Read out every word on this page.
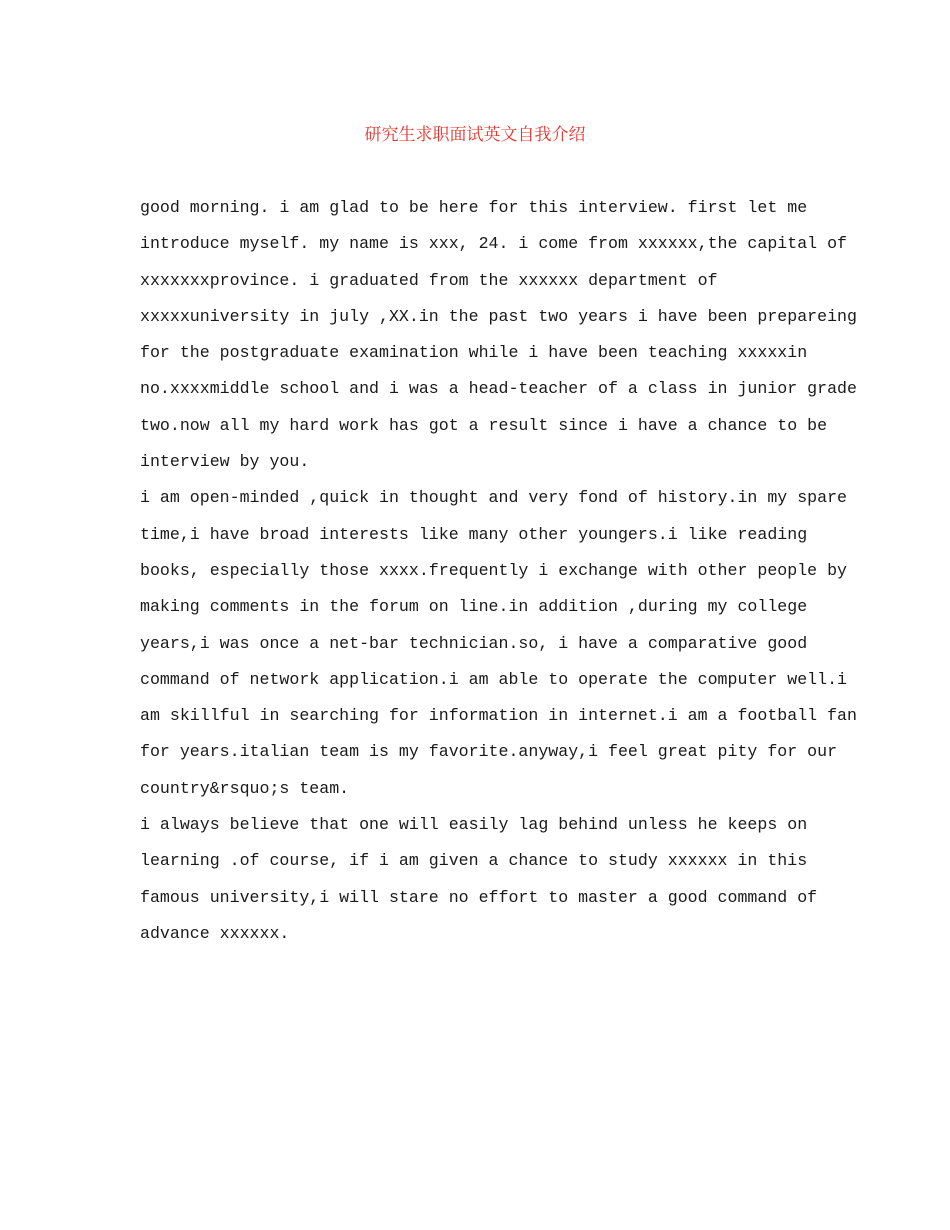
研究生求职面试英文自我介绍
good morning. i am glad to be here for this interview. first let me
introduce myself. my name is xxx, 24. i come from xxxxxx,the capital of
xxxxxxxprovince. i graduated from the xxxxxx department of
xxxxxuniversity in july ,XX.in the past two years i have been prepareing
for the postgraduate examination while i have been teaching xxxxxin
no.xxxxmiddle school and i was a head-teacher of a class in junior grade
two.now all my hard work has got a result since i have a chance to be
interview by you.
i am open-minded ,quick in thought and very fond of history.in my spare
time,i have broad interests like many other youngers.i like reading
books, especially those xxxx.frequently i exchange with other people by
making comments in the forum on line.in addition ,during my college
years,i was once a net-bar technician.so, i have a comparative good
command of network application.i am able to operate the computer well.i
am skillful in searching for information in internet.i am a football fan
for years.italian team is my favorite.anyway,i feel great pity for our
country&rsquo;s team.
i always believe that one will easily lag behind unless he keeps on
learning .of course, if i am given a chance to study xxxxxx in this
famous university,i will stare no effort to master a good command of
advance xxxxxx.
